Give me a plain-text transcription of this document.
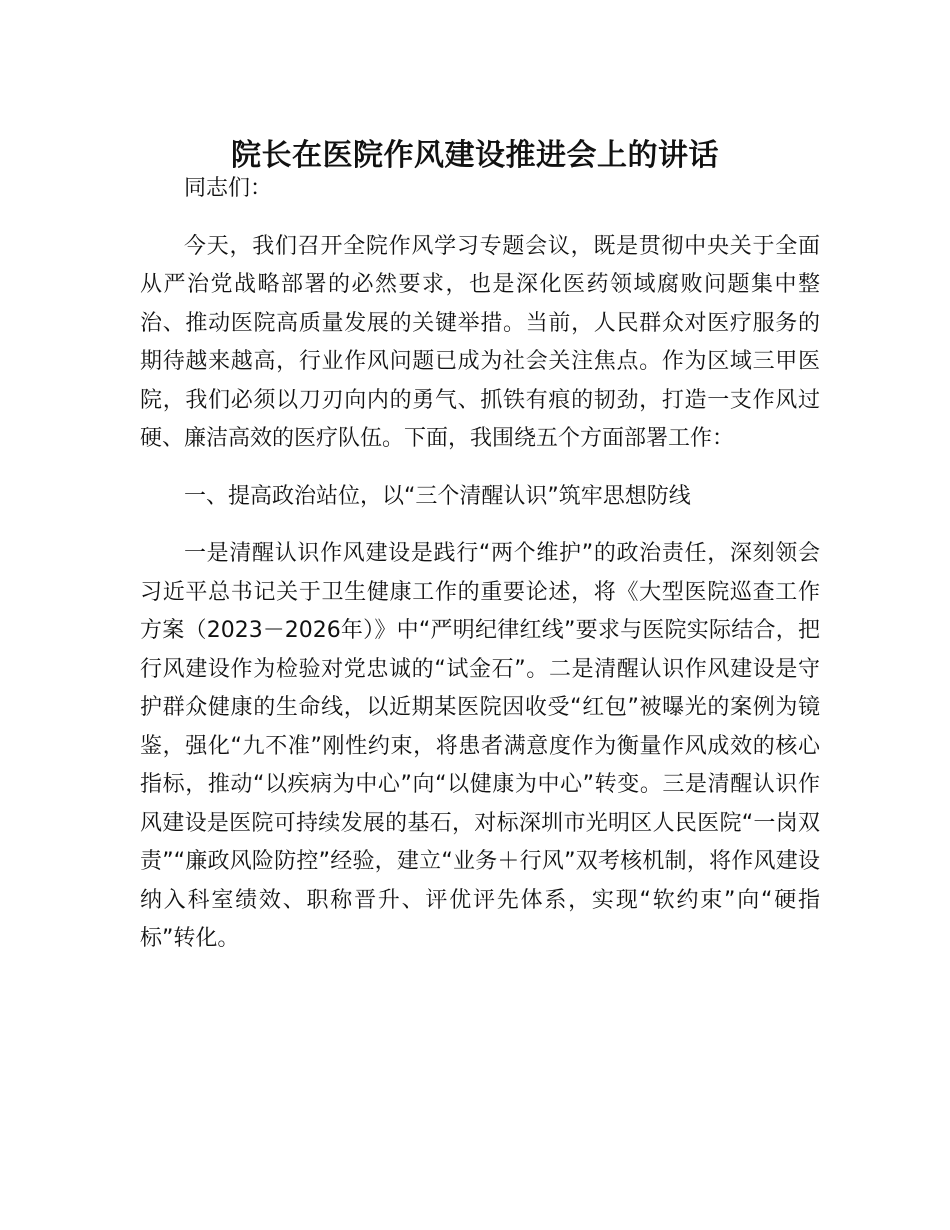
院长在医院作风建设推进会上的讲话

同志们：

今天，我们召开全院作风学习专题会议，既是贯彻中央关于全面从严治党战略部署的必然要求，也是深化医药领域腐败问题集中整治、推动医院高质量发展的关键举措。当前，人民群众对医疗服务的期待越来越高，行业作风问题已成为社会关注焦点。作为区域三甲医院，我们必须以刀刃向内的勇气、抓铁有痕的韧劲，打造一支作风过硬、廉洁高效的医疗队伍。下面，我围绕五个方面部署工作：

一、提高政治站位，以“三个清醒认识”筑牢思想防线

一是清醒认识作风建设是践行“两个维护”的政治责任，深刻领会习近平总书记关于卫生健康工作的重要论述，将《大型医院巡查工作方案（2023－2026年）》中“严明纪律红线”要求与医院实际结合，把行风建设作为检验对党忠诚的“试金石”。二是清醒认识作风建设是守护群众健康的生命线，以近期某医院因收受“红包”被曝光的案例为镜鉴，强化“九不准”刚性约束，将患者满意度作为衡量作风成效的核心指标，推动“以疾病为中心”向“以健康为中心”转变。三是清醒认识作风建设是医院可持续发展的基石，对标深圳市光明区人民医院“一岗双责”“廉政风险防控”经验，建立“业务＋行风”双考核机制，将作风建设纳入科室绩效、职称晋升、评优评先体系，实现“软约束”向“硬指标”转化。
